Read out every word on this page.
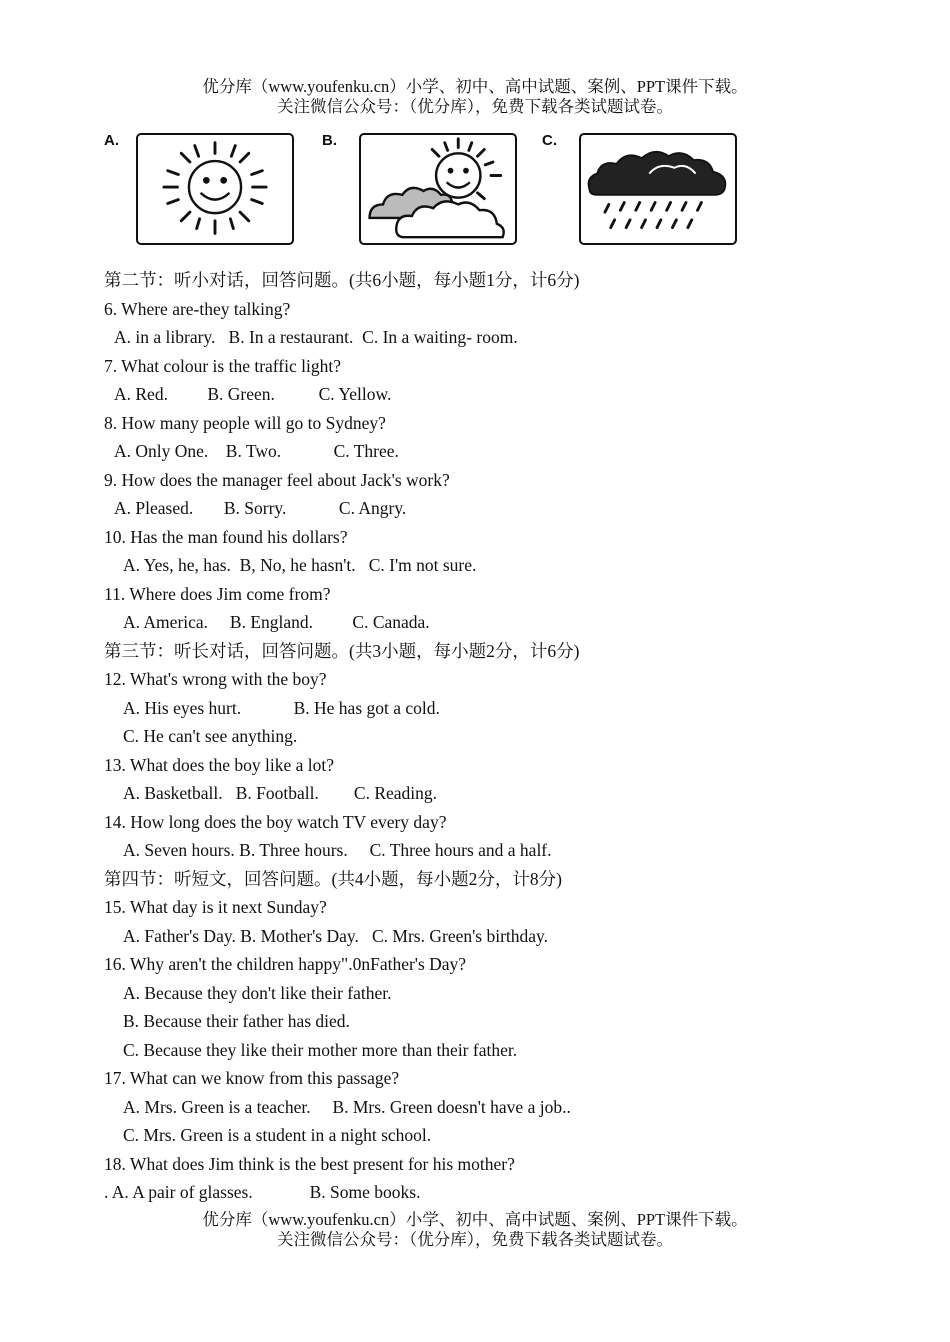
优分库（www.youfenku.cn）小学、初中、高中试题、案例、PPT课件下载。
关注微信公众号：（优分库），免费下载各类试题试卷。
A.	B.	C.
第二节：听小对话，回答问题。(共6小题，每小题1分，计6分)
6. Where are-they talking?
A. in a library.   B. In a restaurant.  C. In a waiting- room.
7. What colour is the traffic light?
A. Red.         B. Green.          C. Yellow.
8. How many people will go to Sydney?
A. Only One.    B. Two.            C. Three.
9. How does the manager feel about Jack's work?
A. Pleased.       B. Sorry.            C. Angry.
10. Has the man found his dollars?
A. Yes, he, has.  B, No, he hasn't.   C. I'm not sure.
11. Where does Jim come from?
A. America.     B. England.         C. Canada.
第三节：听长对话，回答问题。(共3小题，每小题2分，计6分)
12. What's wrong with the boy?
A. His eyes hurt.            B. He has got a cold.
C. He can't see anything.
13. What does the boy like a lot?
A. Basketball.   B. Football.        C. Reading.
14. How long does the boy watch TV every day?
A. Seven hours. B. Three hours.     C. Three hours and a half.
第四节：听短文，回答问题。(共4小题，每小题2分，计8分)
15. What day is it next Sunday?
A. Father's Day. B. Mother's Day.   C. Mrs. Green's birthday.
16. Why aren't the children happy".0nFather's Day?
A. Because they don't like their father.
B. Because their father has died.
C. Because they like their mother more than their father.
17. What can we know from this passage?
A. Mrs. Green is a teacher.     B. Mrs. Green doesn't have a job..
C. Mrs. Green is a student in a night school.
18. What does Jim think is the best present for his mother?
. A. A pair of glasses.             B. Some books.
优分库（www.youfenku.cn）小学、初中、高中试题、案例、PPT课件下载。
关注微信公众号：（优分库），免费下载各类试题试卷。
